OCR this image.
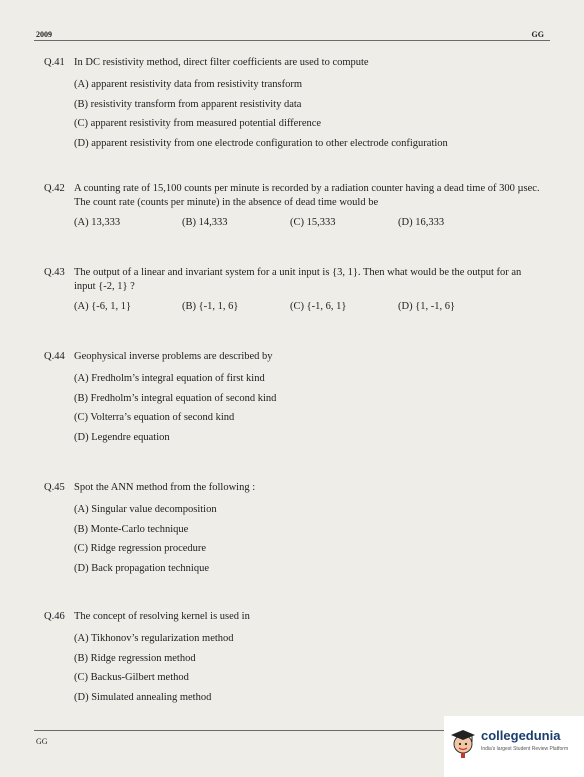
2009	GG
Q.41 In DC resistivity method, direct filter coefficients are used to compute
(A) apparent resistivity data from resistivity transform
(B) resistivity transform from apparent resistivity data
(C) apparent resistivity from measured potential difference
(D) apparent resistivity from one electrode configuration to other electrode configuration
Q.42 A counting rate of 15,100 counts per minute is recorded by a radiation counter having a dead time of 300 µsec. The count rate (counts per minute) in the absence of dead time would be
(A) 13,333	(B) 14,333	(C) 15,333	(D) 16,333
Q.43 The output of a linear and invariant system for a unit input is {3, 1}. Then what would be the output for an input {-2, 1} ?
(A) {-6, 1, 1}	(B) {-1, 1, 6}	(C) {-1, 6, 1}	(D) {1, -1, 6}
Q.44 Geophysical inverse problems are described by
(A) Fredholm’s integral equation of first kind
(B) Fredholm’s integral equation of second kind
(C) Volterra’s equation of second kind
(D) Legendre equation
Q.45 Spot the ANN method from the following :
(A) Singular value decomposition
(B) Monte-Carlo technique
(C) Ridge regression procedure
(D) Back propagation technique
Q.46 The concept of resolving kernel is used in
(A) Tikhonov’s regularization method
(B) Ridge regression method
(C) Backus-Gilbert method
(D) Simulated annealing method
GG	collegedunia
India's largest Student Review Platform
